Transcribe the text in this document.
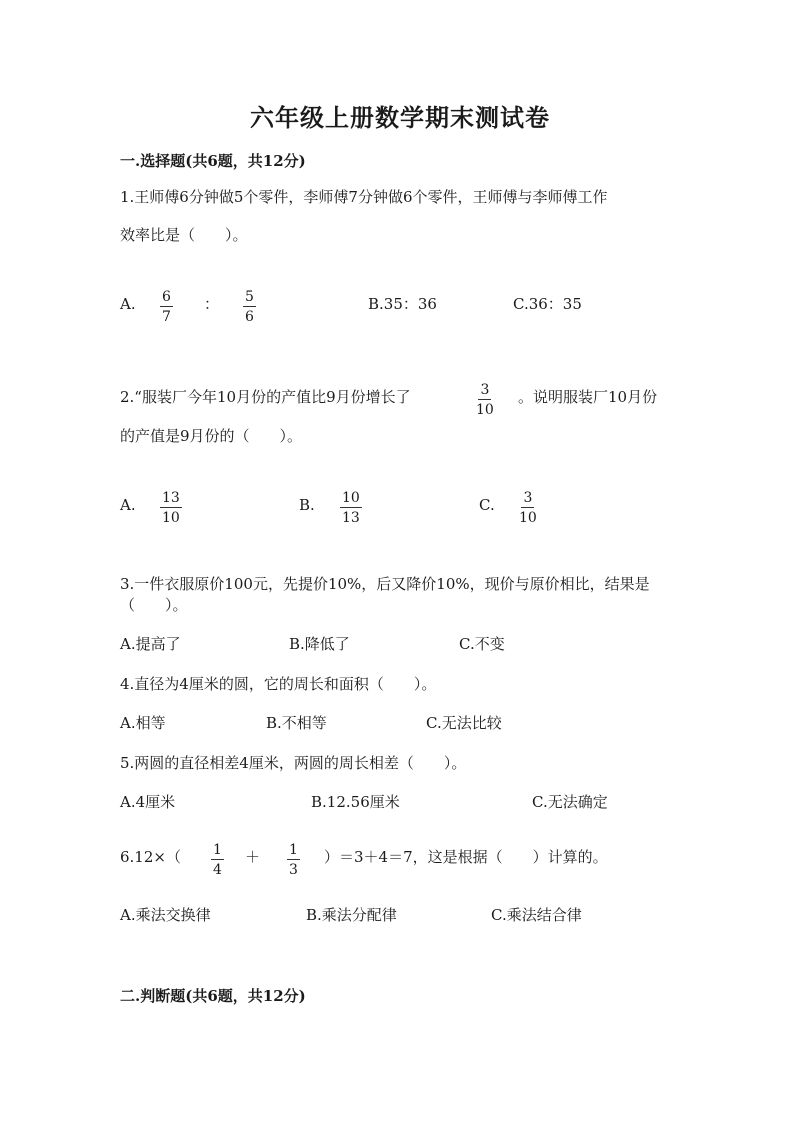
六年级上册数学期末测试卷
一.选择题(共6题，共12分)
1.王师傅6分钟做5个零件，李师傅7分钟做6个零件，王师傅与李师傅工作
效率比是（　　）。
A. $\frac{6}{7}$ ： $\frac{5}{6}$	B.35：36	C.36：35
2.“服装厂今年10月份的产值比9月份增长了	$\frac{3}{10}$ 。说明服装厂10月份
的产值是9月份的（　　）。
A. $\frac{13}{10}$	B. $\frac{10}{13}$	C. $\frac{3}{10}$
3.一件衣服原价100元，先提价10%，后又降价10%，现价与原价相比，结果是
（　　）。
A.提高了	B.降低了	C.不变
4.直径为4厘米的圆，它的周长和面积（　　）。
A.相等	B.不相等	C.无法比较
5.两圆的直径相差4厘米，两圆的周长相差（　　）。
A.4厘米	B.12.56厘米	C.无法确定
$6.12\times( \frac{1}{4} + \frac{1}{3} )=3+4=7$，这是根据（　　）计算的。
A.乘法交换律	B.乘法分配律	C.乘法结合律
二.判断题(共6题，共12分)
